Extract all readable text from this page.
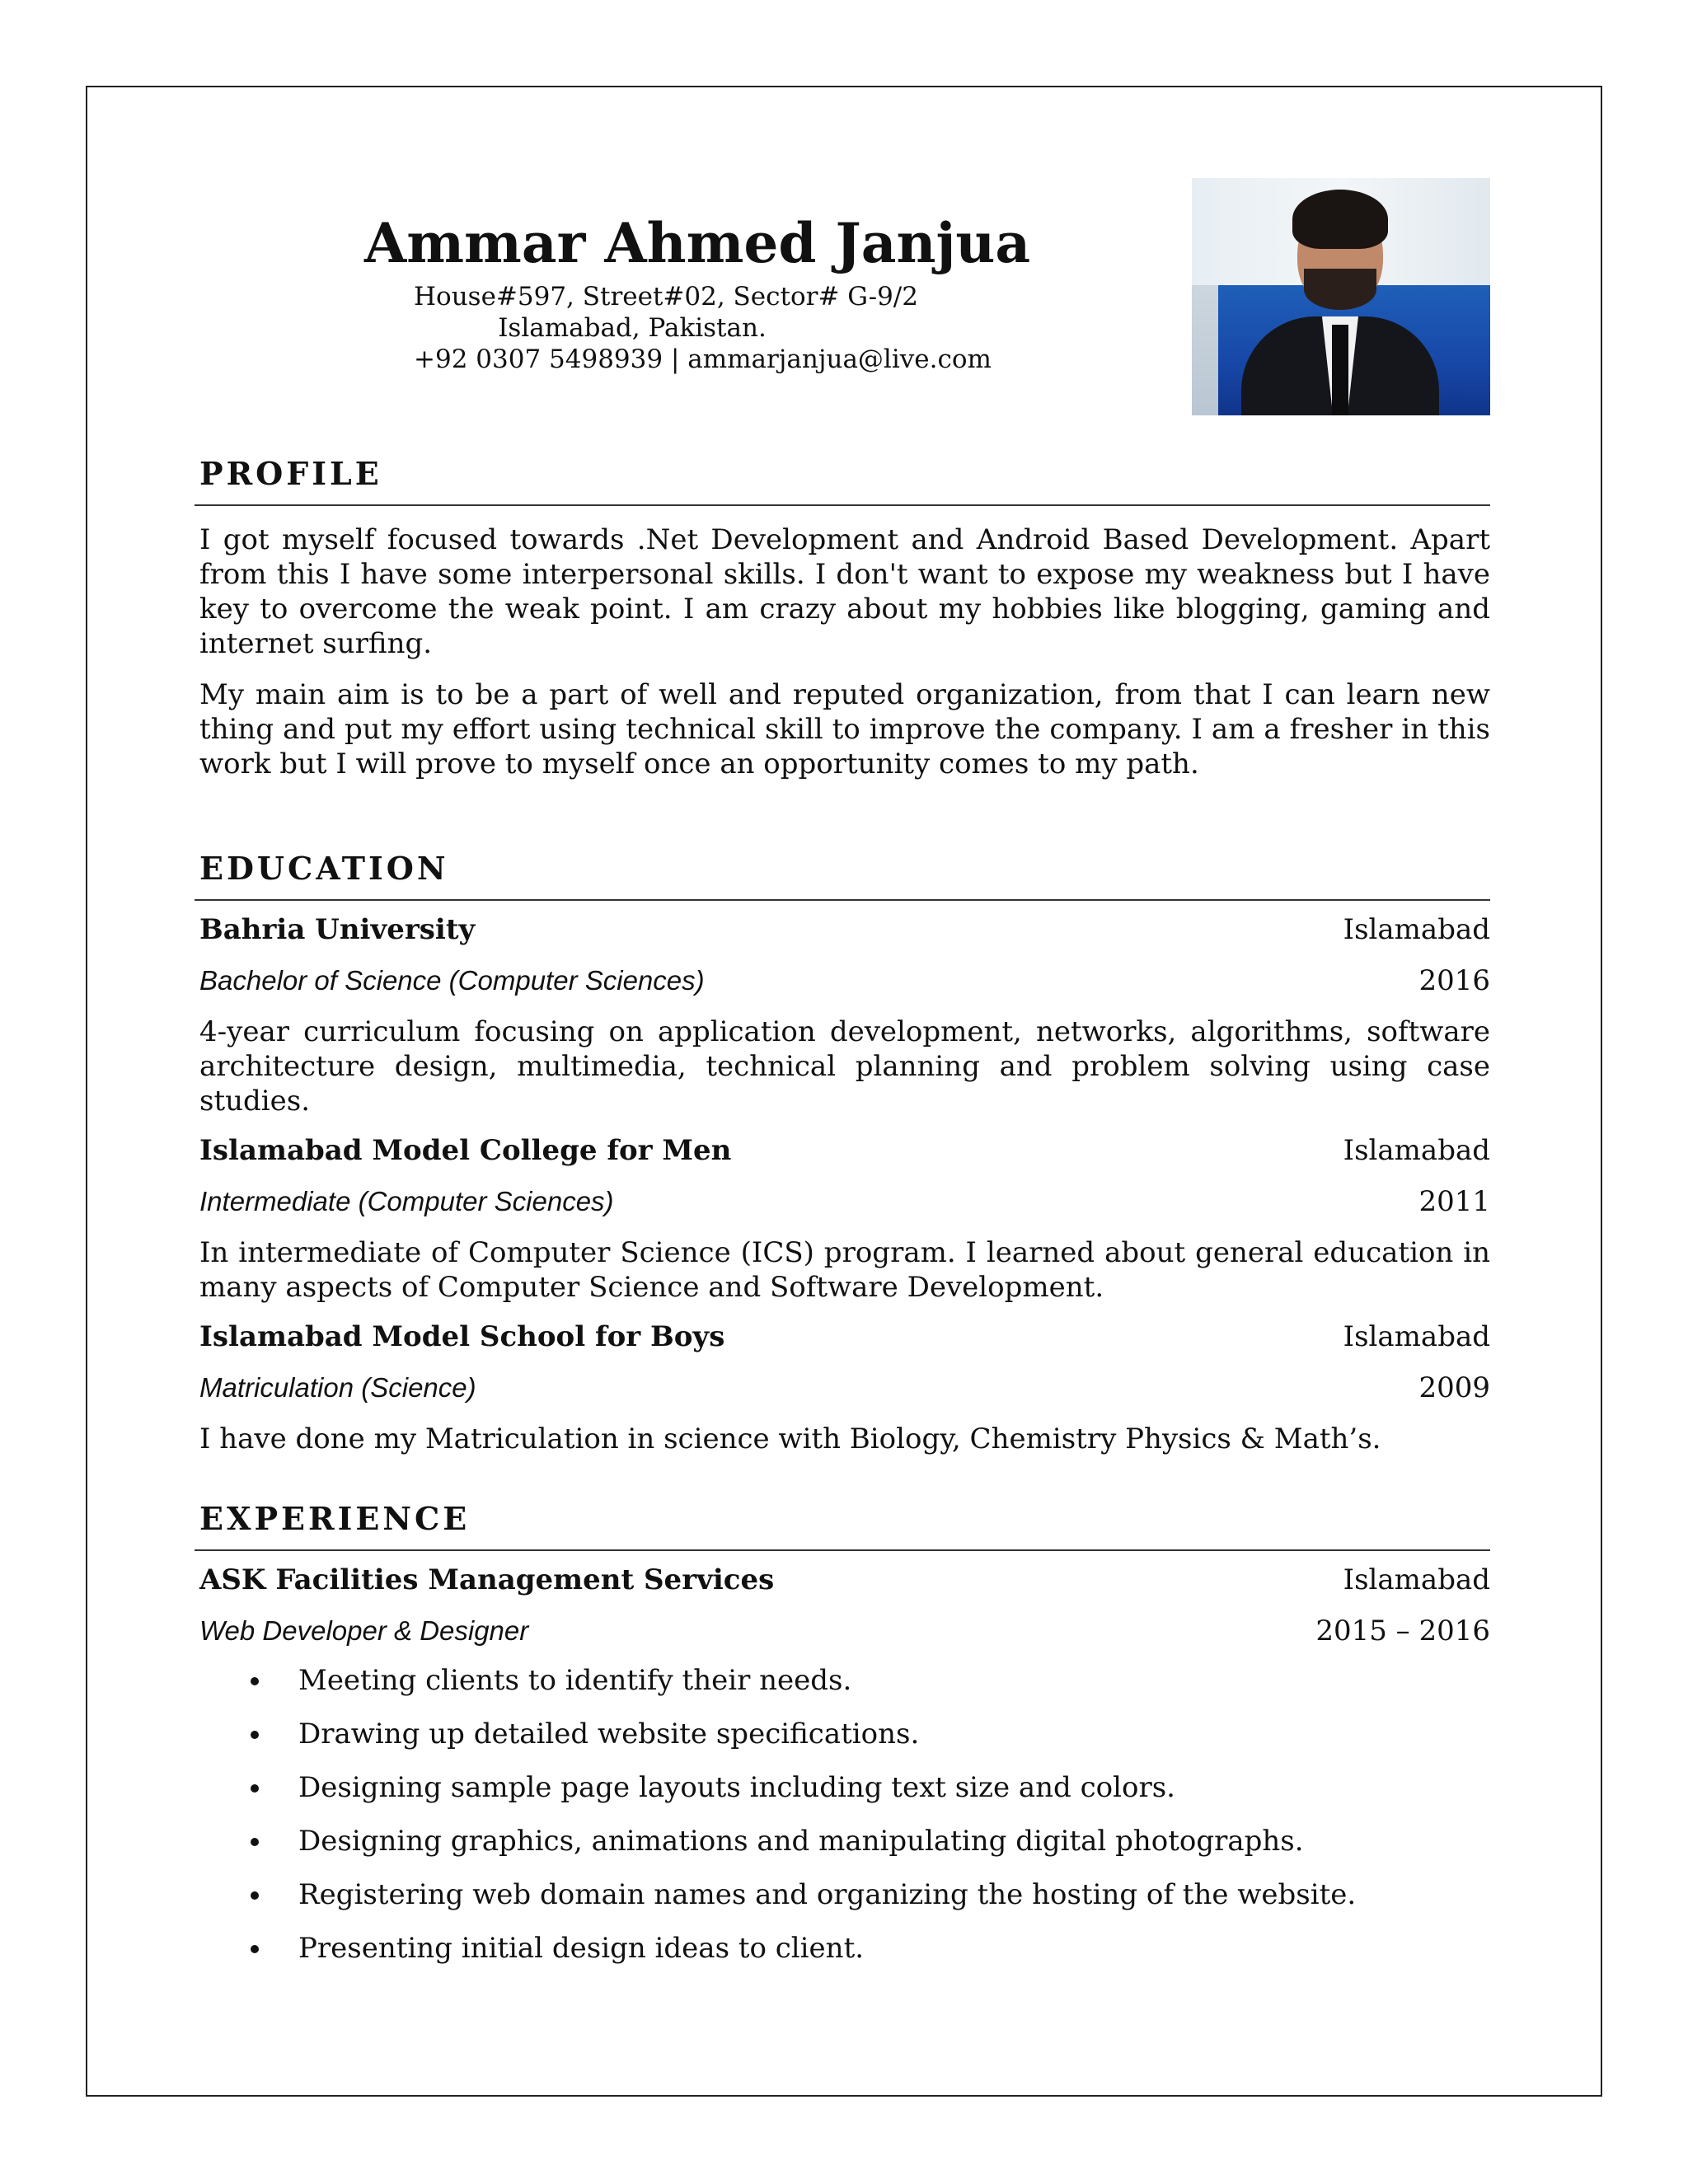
Ammar Ahmed Janjua
House#597, Street#02, Sector# G-9/2
Islamabad, Pakistan.
+92 0307 5498939 | ammarjanjua@live.com
PROFILE

I got myself focused towards .Net Development and Android Based Development. Apart from this I have some interpersonal skills. I don't want to expose my weakness but I have key to overcome the weak point. I am crazy about my hobbies like blogging, gaming and internet surfing.

My main aim is to be a part of well and reputed organization, from that I can learn new thing and put my effort using technical skill to improve the company. I am a fresher in this work but I will prove to myself once an opportunity comes to my path.

EDUCATION
Bahria University	Islamabad
Bachelor of Science (Computer Sciences)	2016

4-year curriculum focusing on application development, networks, algorithms, software architecture design, multimedia, technical planning and problem solving using case studies.

Islamabad Model College for Men	Islamabad
Intermediate (Computer Sciences)	2011

In intermediate of Computer Science (ICS) program. I learned about general education in many aspects of Computer Science and Software Development.

Islamabad Model School for Boys	Islamabad
Matriculation (Science)	2009

I have done my Matriculation in science with Biology, Chemistry Physics & Math’s.

EXPERIENCE
ASK Facilities Management Services	Islamabad
Web Developer & Designer	2015 – 2016
Meeting clients to identify their needs.
Drawing up detailed website specifications.
Designing sample page layouts including text size and colors.
Designing graphics, animations and manipulating digital photographs.
Registering web domain names and organizing the hosting of the website.
Presenting initial design ideas to client.
